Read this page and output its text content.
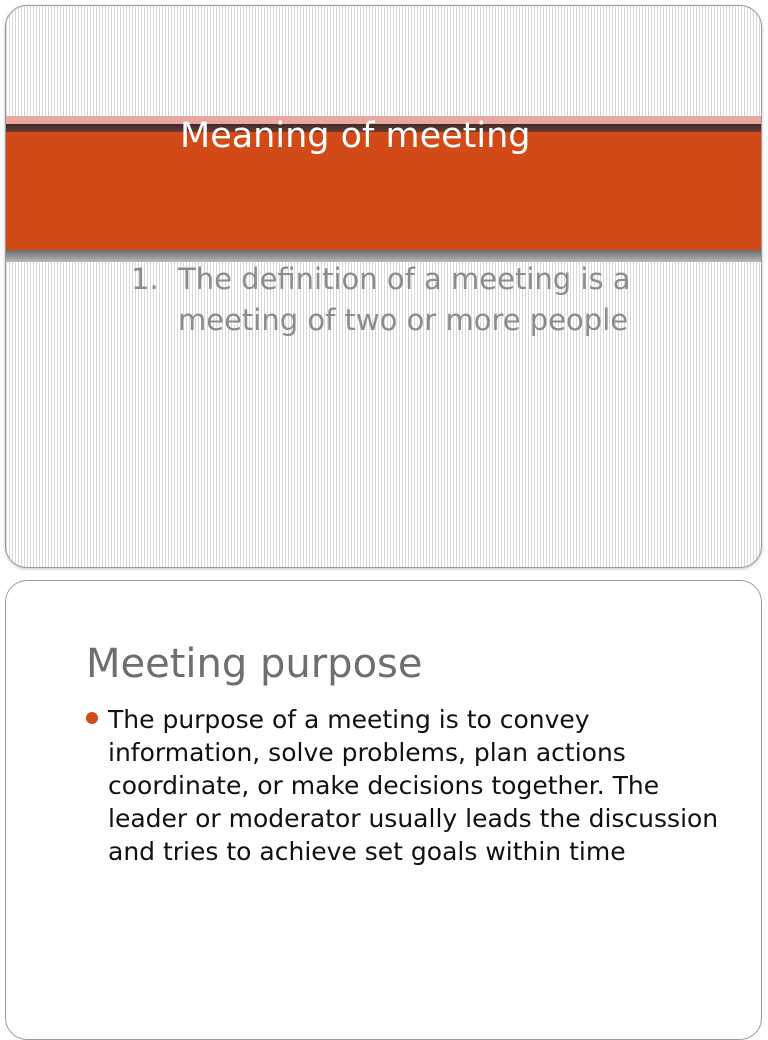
Meaning of meeting
1. The definition of a meeting is a meeting of two or more people
Meeting purpose
The purpose of a meeting is to convey information, solve problems, plan actions coordinate, or make decisions together. The leader or moderator usually leads the discussion and tries to achieve set goals within time
